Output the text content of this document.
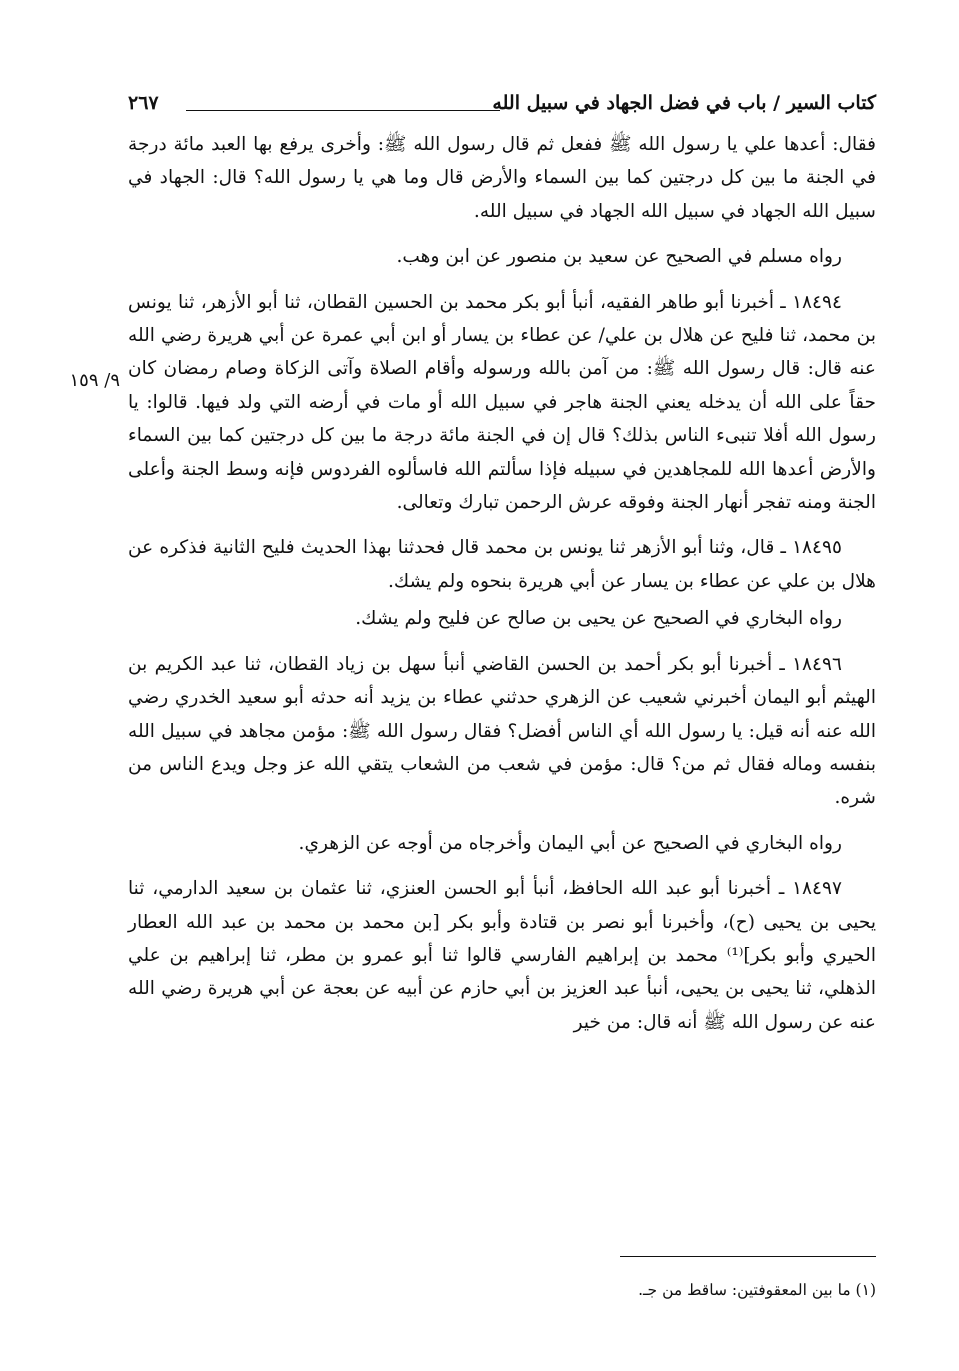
كتاب السير / باب في فضل الجهاد في سبيل الله
٢٦٧
٩/ ١٥٩

فقال: أعدها علي يا رسول الله ﷺ ففعل ثم قال رسول الله ﷺ: وأخرى يرفع بها العبد مائة درجة في الجنة ما بين كل درجتين كما بين السماء والأرض قال وما هي يا رسول الله؟ قال: الجهاد في سبيل الله الجهاد في سبيل الله الجهاد في سبيل الله.

رواه مسلم في الصحيح عن سعيد بن منصور عن ابن وهب.

١٨٤٩٤ ـ أخبرنا أبو طاهر الفقيه، أنبأ أبو بكر محمد بن الحسين القطان، ثنا أبو الأزهر، ثنا يونس بن محمد، ثنا فليح عن هلال بن علي/ عن عطاء بن يسار أو ابن أبي عمرة عن أبي هريرة رضي الله عنه قال: قال رسول الله ﷺ: من آمن بالله ورسوله وأقام الصلاة وآتى الزكاة وصام رمضان كان حقاً على الله أن يدخله يعني الجنة هاجر في سبيل الله أو مات في أرضه التي ولد فيها. قالوا: يا رسول الله أفلا تنبىء الناس بذلك؟ قال إن في الجنة مائة درجة ما بين كل درجتين كما بين السماء والأرض أعدها الله للمجاهدين في سبيله فإذا سألتم الله فاسألوه الفردوس فإنه وسط الجنة وأعلى الجنة ومنه تفجر أنهار الجنة وفوقه عرش الرحمن تبارك وتعالى.

١٨٤٩٥ ـ قال، وثنا أبو الأزهر ثنا يونس بن محمد قال فحدثنا بهذا الحديث فليح الثانية فذكره عن هلال بن علي عن عطاء بن يسار عن أبي هريرة بنحوه ولم يشك.

رواه البخاري في الصحيح عن يحيى بن صالح عن فليح ولم يشك.

١٨٤٩٦ ـ أخبرنا أبو بكر أحمد بن الحسن القاضي أنبأ سهل بن زياد القطان، ثنا عبد الكريم بن الهيثم أبو اليمان أخبرني شعيب عن الزهري حدثني عطاء بن يزيد أنه حدثه أبو سعيد الخدري رضي الله عنه أنه قيل: يا رسول الله أي الناس أفضل؟ فقال رسول الله ﷺ: مؤمن مجاهد في سبيل الله بنفسه وماله فقال ثم من؟ قال: مؤمن في شعب من الشعاب يتقي الله عز وجل ويدع الناس من شره.

رواه البخاري في الصحيح عن أبي اليمان وأخرجاه من أوجه عن الزهري.

١٨٤٩٧ ـ أخبرنا أبو عبد الله الحافظ، أنبأ أبو الحسن العنزي، ثنا عثمان بن سعيد الدارمي، ثنا يحيى بن يحيى (ح)، وأخبرنا أبو نصر بن قتادة وأبو بكر [بن محمد بن محمد بن عبد الله العطار الحيري وأبو بكر]⁽¹⁾ محمد بن إبراهيم الفارسي قالوا ثنا أبو عمرو بن مطر، ثنا إبراهيم بن علي الذهلي، ثنا يحيى بن يحيى، أنبأ عبد العزيز بن أبي حازم عن أبيه عن بعجة عن أبي هريرة رضي الله عنه عن رسول الله ﷺ أنه قال: من خير

(١) ما بين المعقوفتين: ساقط من جـ.
